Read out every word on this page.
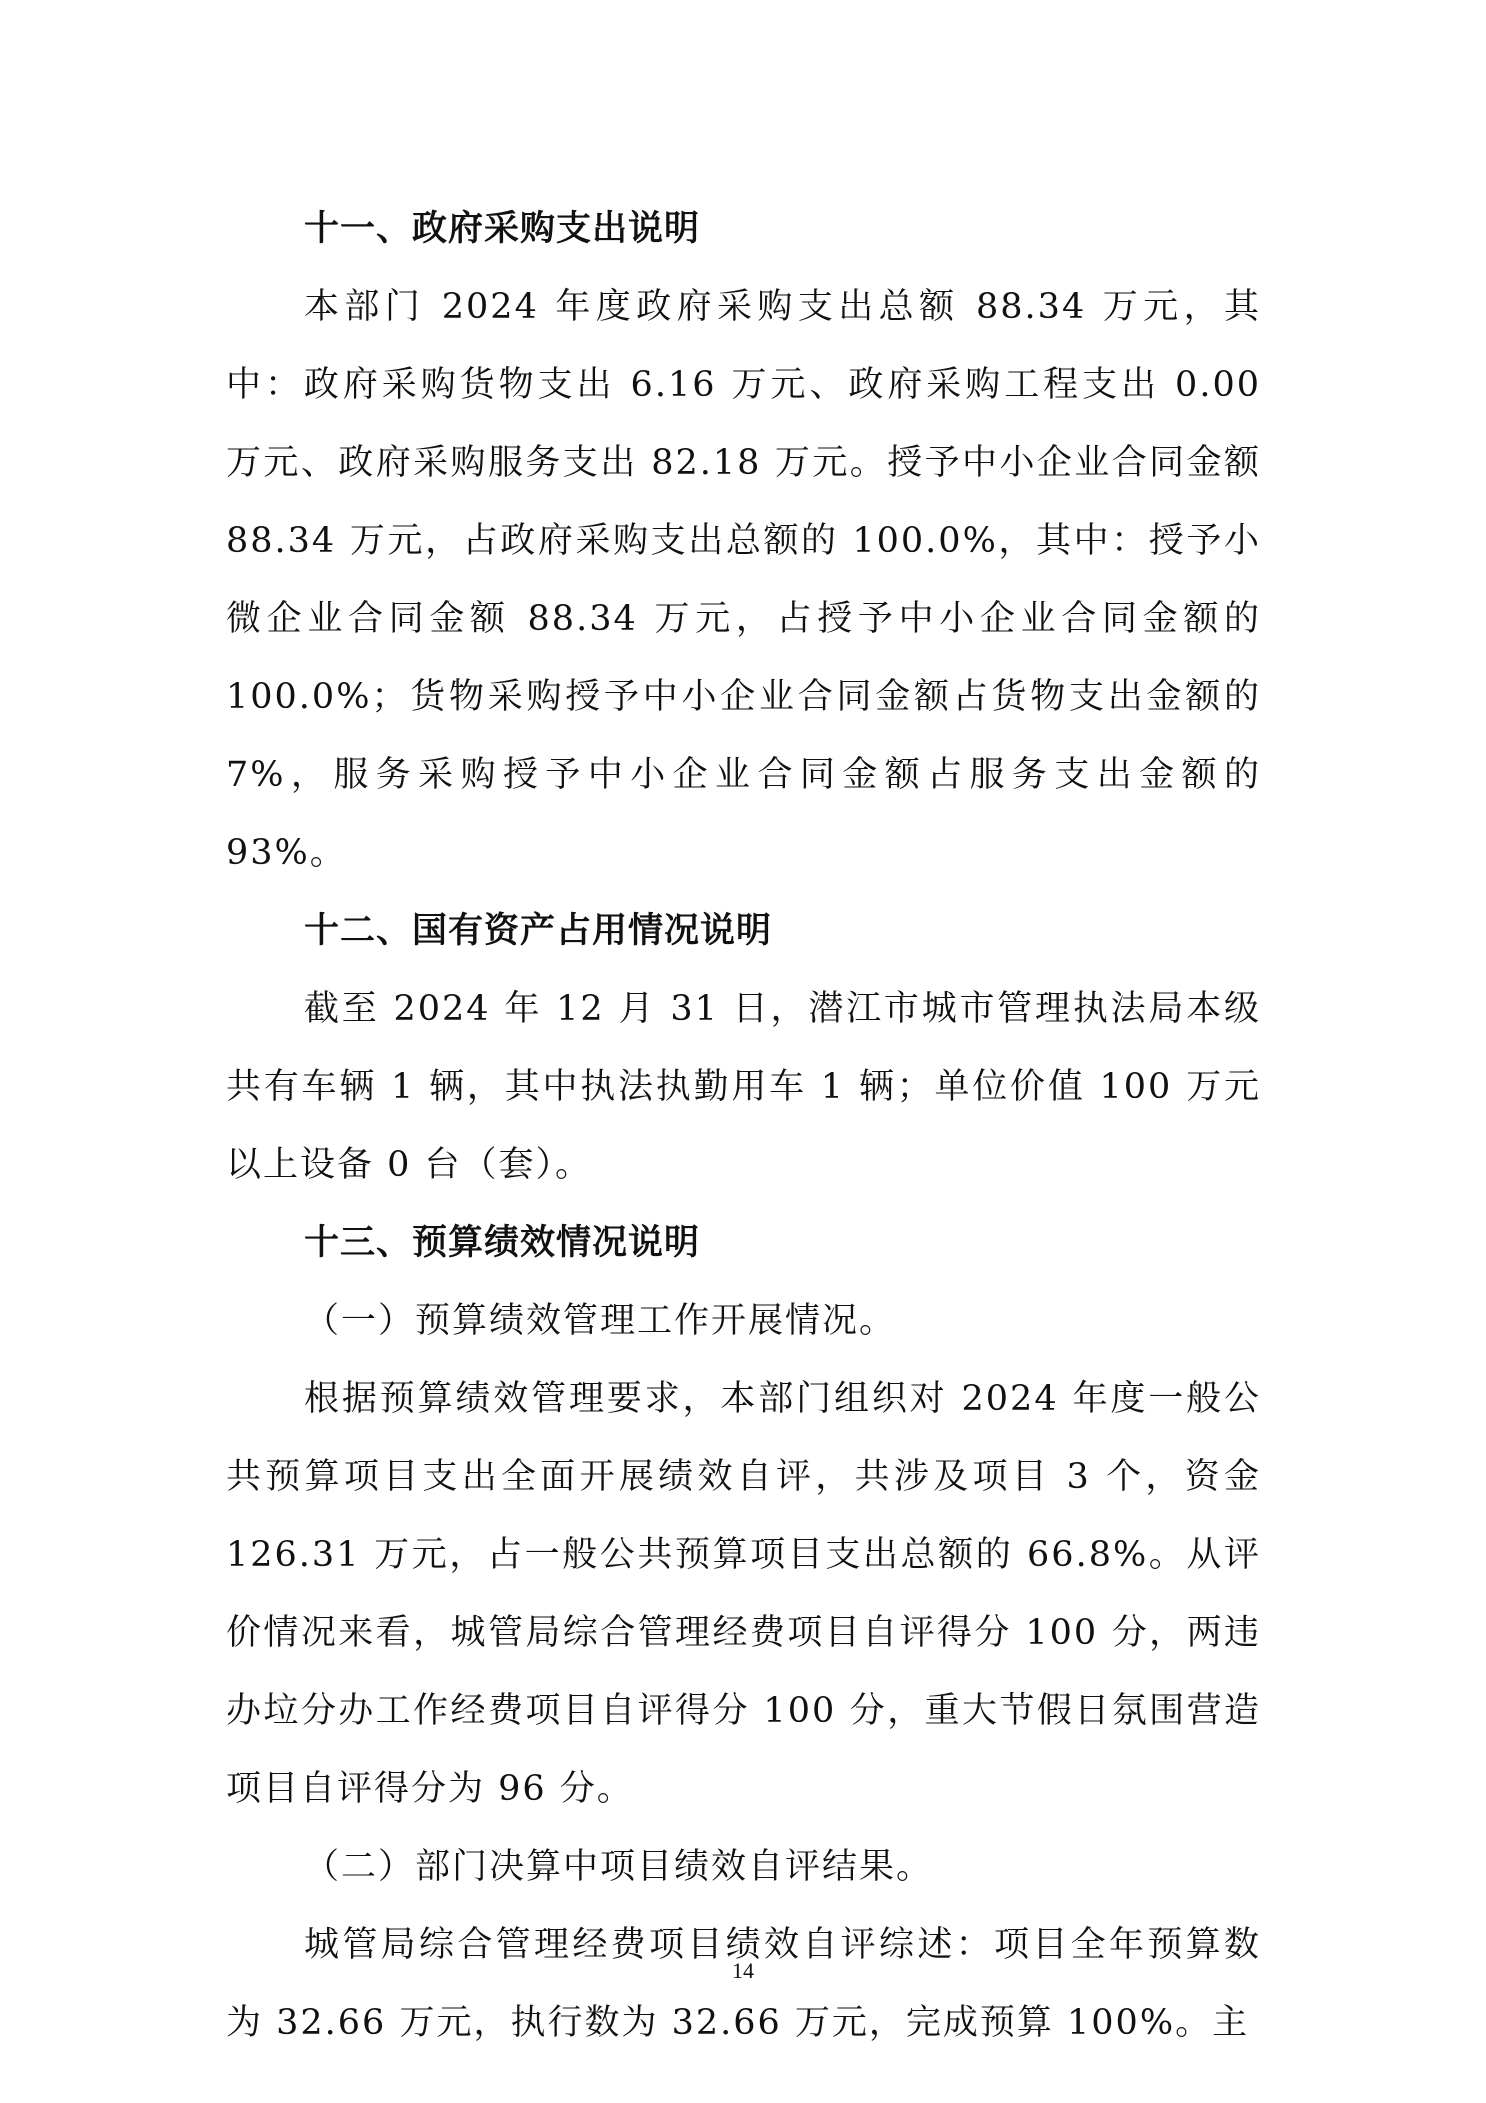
十一、政府采购支出说明

本部门 2024 年度政府采购支出总额 88.34 万元，其中：政府采购货物支出 6.16 万元、政府采购工程支出 0.00 万元、政府采购服务支出 82.18 万元。授予中小企业合同金额 88.34 万元，占政府采购支出总额的 100.0%，其中：授予小微企业合同金额 88.34 万元，占授予中小企业合同金额的 100.0%；货物采购授予中小企业合同金额占货物支出金额的 7%，服务采购授予中小企业合同金额占服务支出金额的 93%。

十二、国有资产占用情况说明

截至 2024 年 12 月 31 日，潜江市城市管理执法局本级共有车辆 1 辆，其中执法执勤用车 1 辆；单位价值 100 万元以上设备 0 台（套）。

十三、预算绩效情况说明

（一）预算绩效管理工作开展情况。

根据预算绩效管理要求，本部门组织对 2024 年度一般公共预算项目支出全面开展绩效自评，共涉及项目 3 个，资金 126.31 万元，占一般公共预算项目支出总额的 66.8%。从评价情况来看，城管局综合管理经费项目自评得分 100 分，两违办垃分办工作经费项目自评得分 100 分，重大节假日氛围营造项目自评得分为 96 分。

（二）部门决算中项目绩效自评结果。

城管局综合管理经费项目绩效自评综述：项目全年预算数为 32.66 万元，执行数为 32.66 万元，完成预算 100%。主

14
